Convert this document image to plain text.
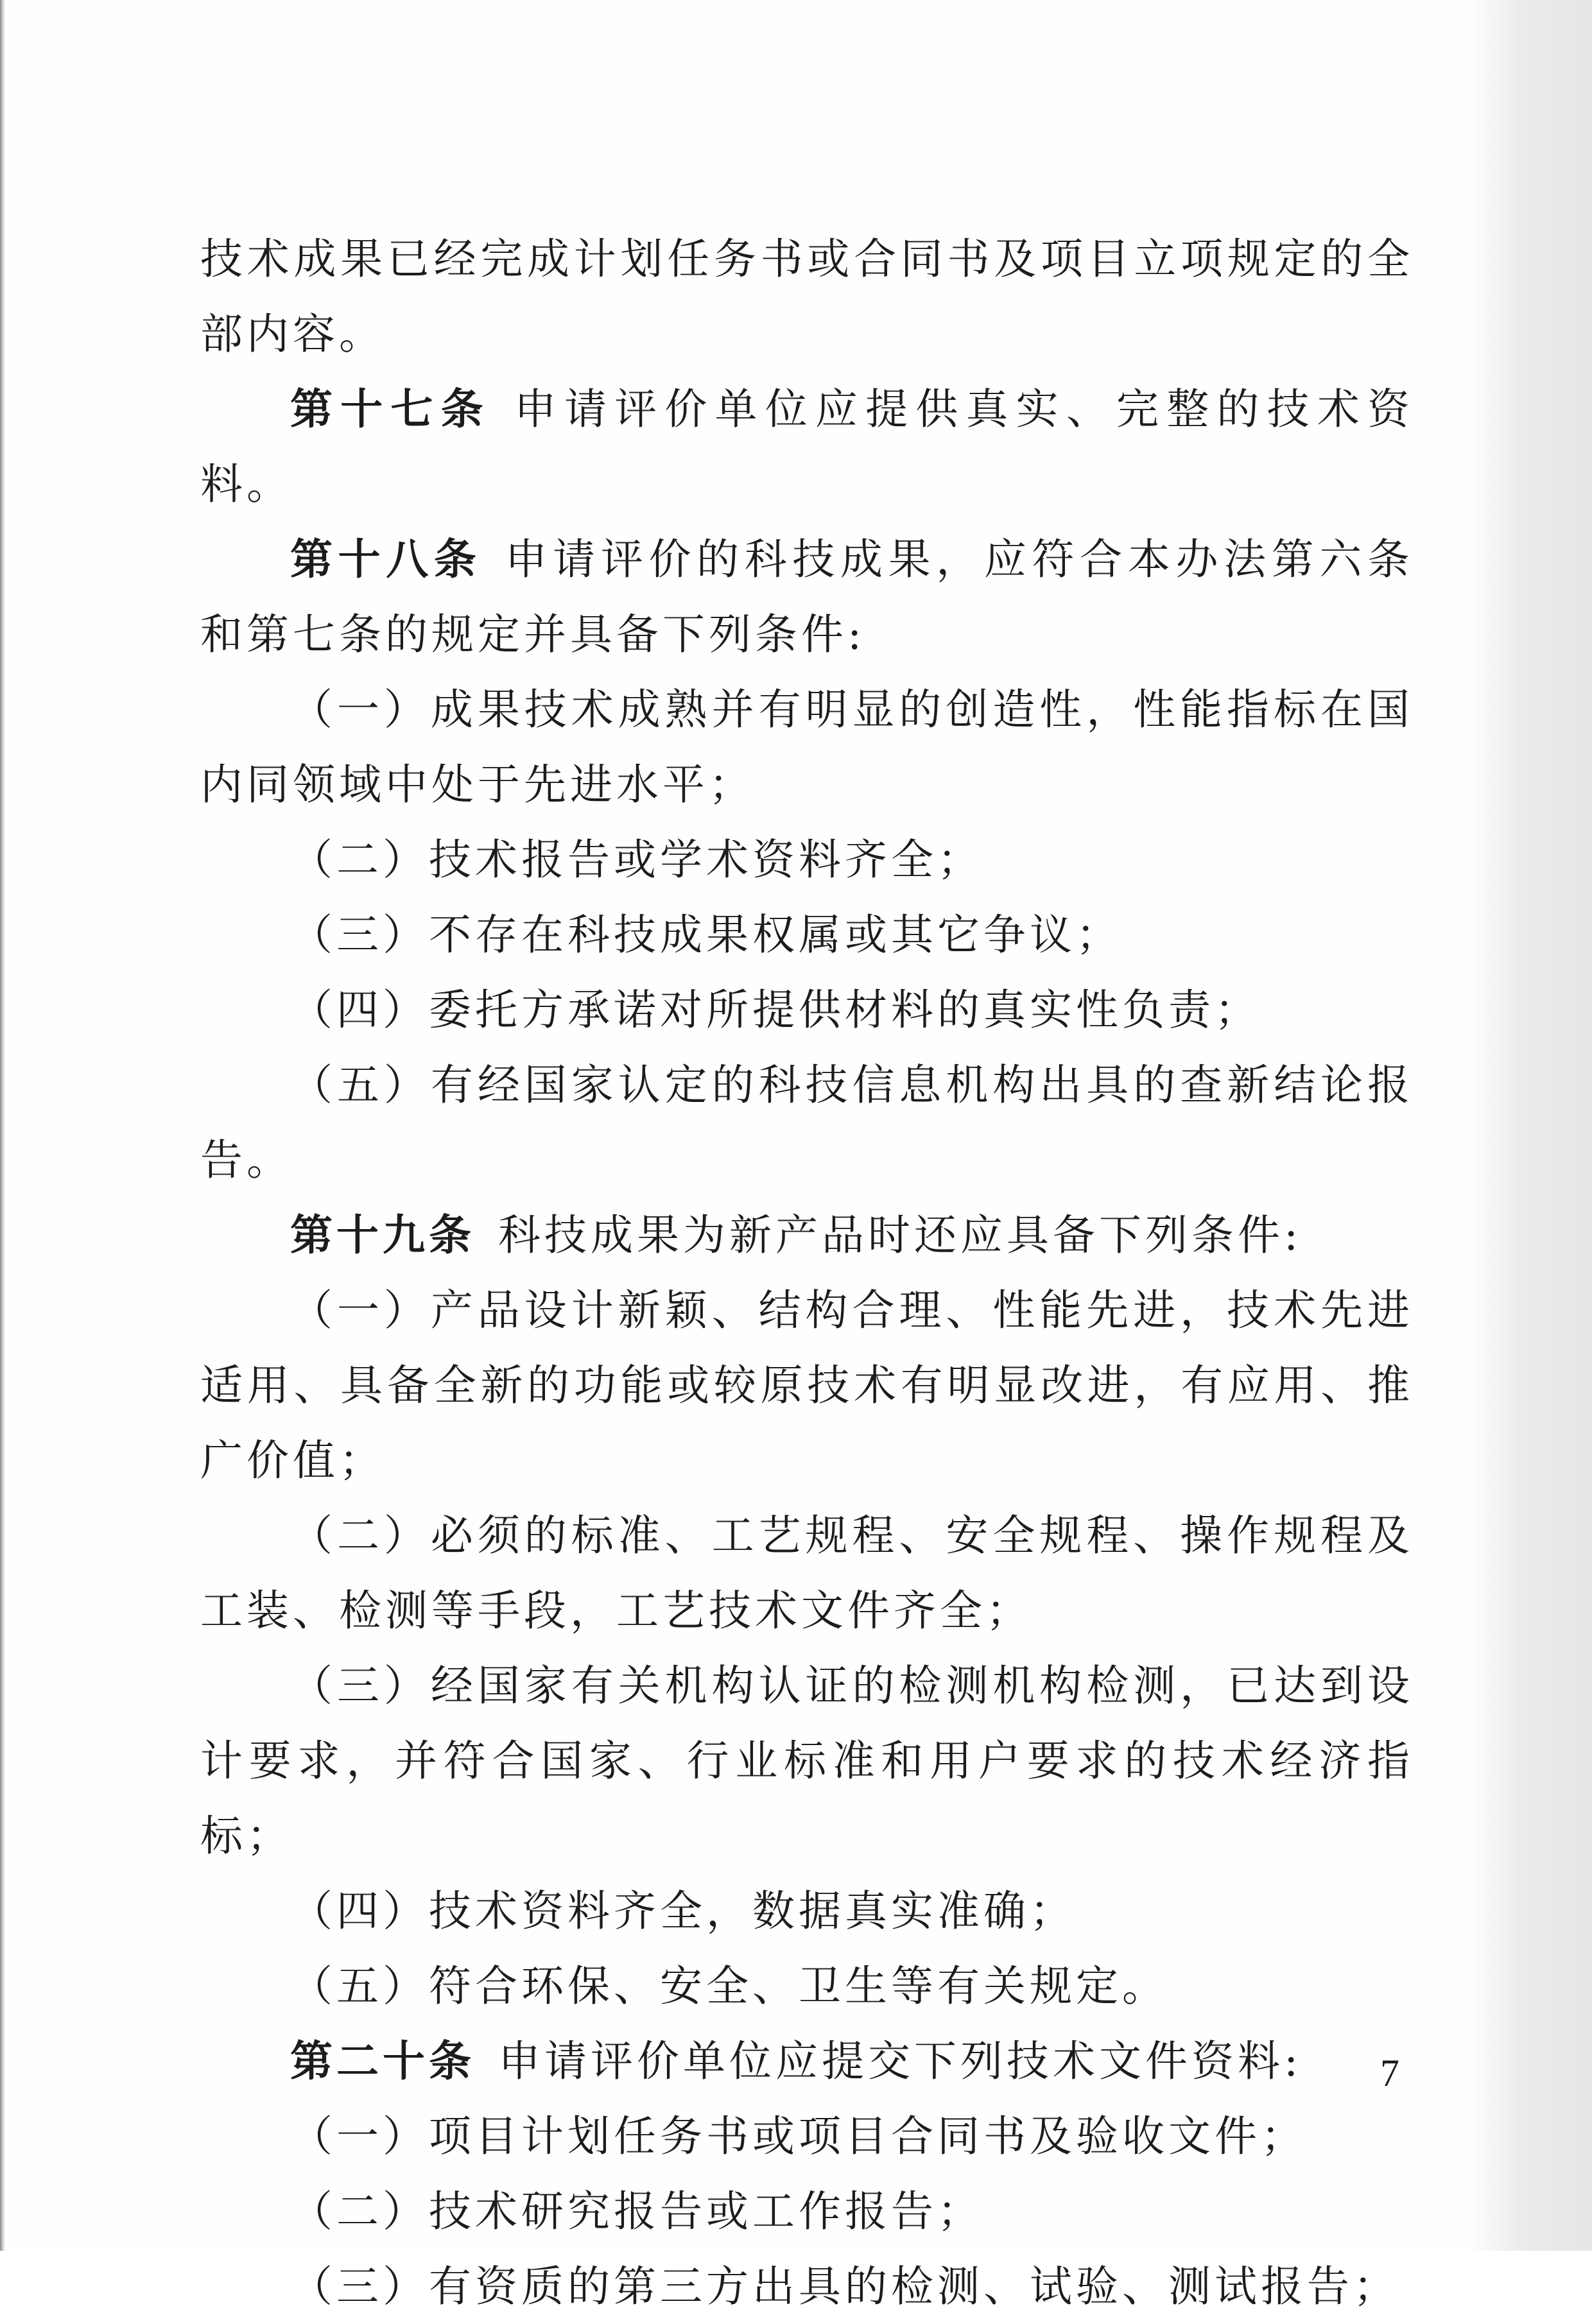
技术成果已经完成计划任务书或合同书及项目立项规定的全部内容。

第十七条 申请评价单位应提供真实、完整的技术资料。

第十八条 申请评价的科技成果，应符合本办法第六条和第七条的规定并具备下列条件:

（一）成果技术成熟并有明显的创造性，性能指标在国内同领域中处于先进水平；

（二）技术报告或学术资料齐全；

（三）不存在科技成果权属或其它争议；

（四）委托方承诺对所提供材料的真实性负责；

（五）有经国家认定的科技信息机构出具的查新结论报告。

第十九条 科技成果为新产品时还应具备下列条件:

（一）产品设计新颖、结构合理、性能先进，技术先进适用、具备全新的功能或较原技术有明显改进，有应用、推广价值；

（二）必须的标准、工艺规程、安全规程、操作规程及工装、检测等手段，工艺技术文件齐全；

（三）经国家有关机构认证的检测机构检测，已达到设计要求，并符合国家、行业标准和用户要求的技术经济指标；

（四）技术资料齐全，数据真实准确；

（五）符合环保、安全、卫生等有关规定。

第二十条 申请评价单位应提交下列技术文件资料:

（一）项目计划任务书或项目合同书及验收文件；

（二）技术研究报告或工作报告；

（三）有资质的第三方出具的检测、试验、测试报告；

7
